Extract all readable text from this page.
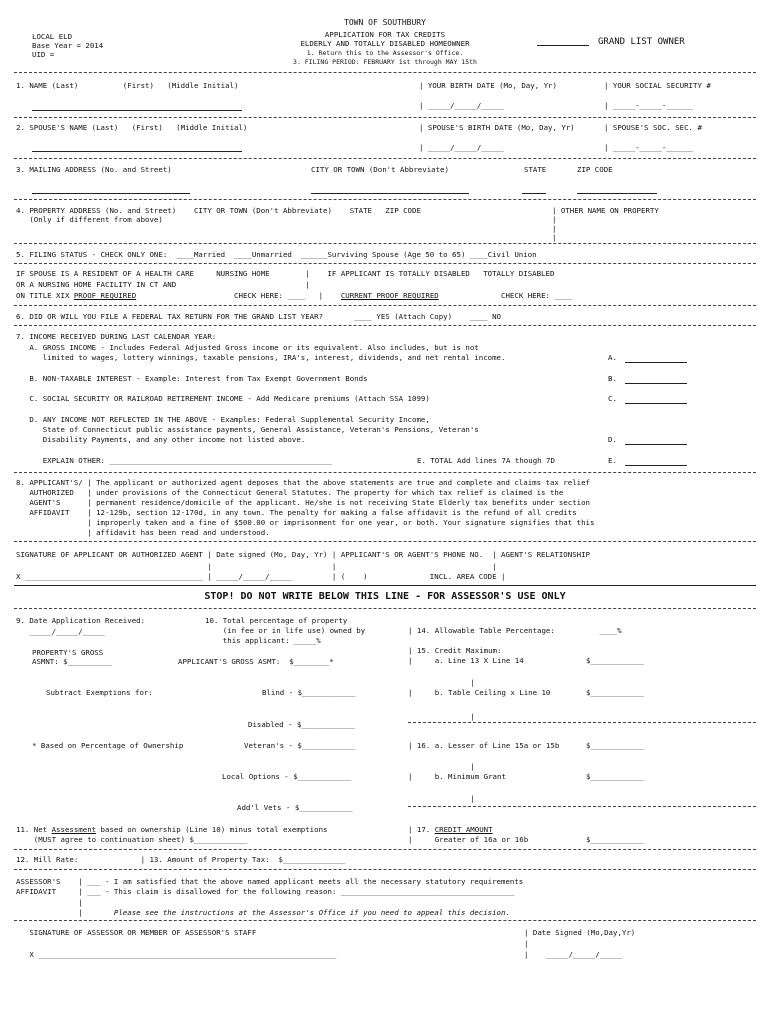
LOCAL ELD
Base Year = 2014
UID =
TOWN OF SOUTHBURY
APPLICATION FOR TAX CREDITS
ELDERLY AND TOTALLY DISABLED HOMEOWNER
1. Return this to the Assessor's Office.
3. FILING PERIOD: FEBRUARY 1st through MAY 15th
GRAND LIST OWNER
1. NAME (Last)          (First)   (Middle Initial)	| YOUR BIRTH DATE (Mo, Day, Yr)	| YOUR SOCIAL SECURITY #
| _____/_____/_____	| _____-_____-______
2. SPOUSE'S NAME (Last)   (First)   (Middle Initial)	| SPOUSE'S BIRTH DATE (Mo, Day, Yr)	| SPOUSE'S SOC. SEC. #
| _____/_____/_____	| _____-_____-______
3. MAILING ADDRESS (No. and Street)	CITY OR TOWN (Don't Abbreviate)	STATE	ZIP CODE
4. PROPERTY ADDRESS (No. and Street)    CITY OR TOWN (Don't Abbreviate)    STATE   ZIP CODE
(Only if different from above)
| OTHER NAME ON PROPERTY
|
|
|
5. FILING STATUS - CHECK ONLY ONE:  ____Married  ____Unmarried  ______Surviving Spouse (Age 50 to 65) ____Civil Union
IF SPOUSE IS A RESIDENT OF A HEALTH CARE     NURSING HOME        |    IF APPLICANT IS TOTALLY DISABLED   TOTALLY DISABLED
OR A NURSING HOME FACILITY IN CT AND                             |
ON TITLE XIX PROOF REQUIRED                      CHECK HERE: ____   |    CURRENT PROOF REQUIRED              CHECK HERE: ____
6. DID OR WILL YOU FILE A FEDERAL TAX RETURN FOR THE GRAND LIST YEAR?       ____ YES (Attach Copy)    ____ NO
7. INCOME RECEIVED DURING LAST CALENDAR YEAR:
A. GROSS INCOME - Includes Federal Adjusted Gross income or its equivalent. Also includes, but is not
limited to wages, lottery winnings, taxable pensions, IRA's, interest, dividends, and net rental income.	A.
B. NON-TAXABLE INTEREST - Example: Interest from Tax Exempt Government Bonds	B.
C. SOCIAL SECURITY OR RAILROAD RETIREMENT INCOME - Add Medicare premiums (Attach SSA 1099)	C.
D. ANY INCOME NOT REFLECTED IN THE ABOVE - Examples: Federal Supplemental Security Income,
State of Connecticut public assistance payments, General Assistance, Veteran's Pensions, Veteran's
Disability Payments, and any other income not listed above.	D.
EXPLAIN OTHER: __________________________________________________	E. TOTAL Add lines 7A though 7D	E.
8. APPLICANT'S/ | The applicant or authorized agent deposes that the above statements are true and complete and claims tax relief
AUTHORIZED   | under provisions of the Connecticut General Statutes. The property for which tax relief is claimed is the
AGENT'S      | permanent residence/domicile of the applicant. He/she is not receiving State Elderly tax benefits under section
AFFIDAVIT    | 12-129b, section 12-170d, in any town. The penalty for making a false affidavit is the refund of all credits
| improperly taken and a fine of $500.00 or imprisonment for one year, or both. Your signature signifies that this
| affidavit has been read and understood.
SIGNATURE OF APPLICANT OR AUTHORIZED AGENT | Date signed (Mo, Day, Yr) | APPLICANT'S OR AGENT'S PHONE NO.  | AGENT'S RELATIONSHIP
|                           |                                   |
X ________________________________________ | _____/_____/_____         | (    )              INCL. AREA CODE |
STOP! DO NOT WRITE BELOW THIS LINE - FOR ASSESSOR'S USE ONLY
9. Date Application Received:
_____/_____/_____
10. Total percentage of property
(in fee or in life use) owned by
this applicant: _____%
| 14. Allowable Table Percentage:          ____%
| 15. Credit Maximum:
|     a. Line 13 X Line 14              $____________
PROPERTY'S GROSS
ASMNT: $__________	APPLICANT'S GROSS ASMT:  $________*
Subtract Exemptions for:	Blind - $____________	|     b. Table Ceiling x Line 10        $____________
|
Disabled - $____________
|
* Based on Percentage of Ownership	Veteran's - $____________	| 16. a. Lesser of Line 15a or 15b      $____________
Local Options - $____________	|     b. Minimum Grant                  $____________
|
Add'l Vets - $____________
|
11. Net Assessment based on ownership (Line 10) minus total exemptions
(MUST agree to continuation sheet) $____________
| 17. CREDIT AMOUNT
|     Greater of 16a or 16b             $____________
12. Mill Rate:              | 13. Amount of Property Tax:  $______________
ASSESSOR'S    | ___ - I am satisfied that the above named applicant meets all the necessary statutory requirements
AFFIDAVIT     | ___ - This claim is disallowed for the following reason: _______________________________________
|
|       Please see the instructions at the Assessor's Office if you need to appeal this decision.
SIGNATURE OF ASSESSOR OR MEMBER OF ASSESSOR'S STAFF	| Date Signed (Mo,Day,Yr)
|
X ___________________________________________________________________	|    _____/_____/_____
